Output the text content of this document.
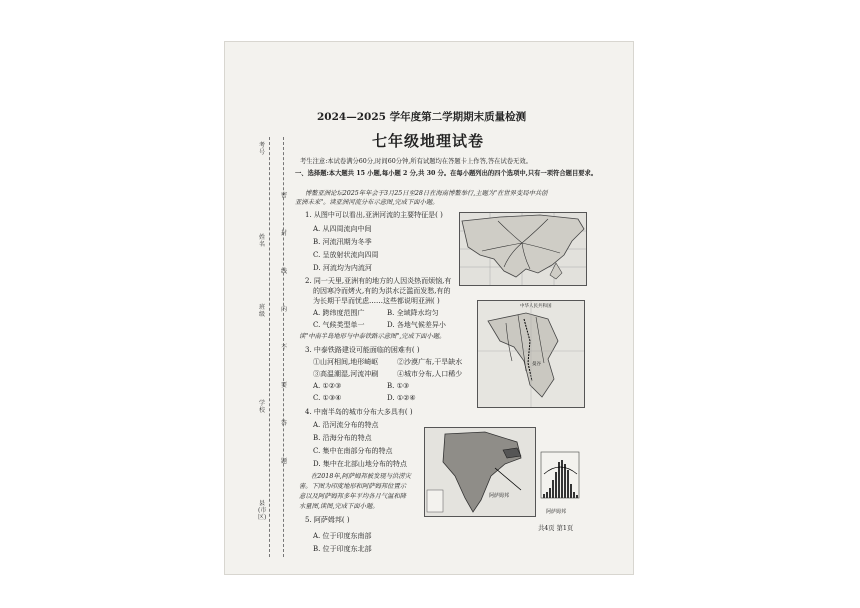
考号
姓名
班级
学校
县(市 区)
密
封
线
内
不
要
答
题
2024—2025 学年度第二学期期末质量检测
七年级地理试卷
考生注意:本试卷满分60分,时间60分钟,所有试题均在答题卡上作答,答在试卷无效。
一、选择题:本大题共 15 小题,每小题 2 分,共 30 分。在每小题列出的四个选项中,只有一项符合题目要求。
博鳌亚洲论坛2025年年会于3月25日至28日在海南博鳌举行,主题为"在世界变局中共创
亚洲未来"。读亚洲河流分布示意图,完成下面小题。
1. 从图中可以看出,亚洲河流的主要特征是( )
A. 从四周流向中间
B. 河流汛期为冬季
C. 呈放射状流向四周
D. 河流均为内流河
2. 同一天里,亚洲有的地方的人因炎热而烦恼,有
的因寒冷而烤火,有的为洪水泛滥而发愁,有的
为长期干旱而忧虑……这些都说明亚洲( )
A. 跨纬度范围广	B. 全域降水均匀
C. 气候类型单一	D. 各地气候差异小
读"中南半岛地形与中泰铁路示意图",完成下面小题。
3. 中泰铁路建设可能面临的困难有( )
①山河相间,地形崎岖	②沙漠广布,干旱缺水
③高温潮湿,河流冲刷	④城市分布,人口稀少
A. ①②③	B. ①③
C. ①③④	D. ①②④
4. 中南半岛的城市分布大多具有( )
A. 沿河流分布的特点
B. 沿海分布的特点
C. 集中在南部分布的特点
D. 集中在北部山地分布的特点
在2018年,阿萨姆邦被发现与洪涝灾
害。下图为印度地形和阿萨姆邦位置示
意以及阿萨姆邦多年平均各月气温和降
水量图,读图,完成下面小题。
5. 阿萨姆邦( )
A. 位于印度东南部
B. 位于印度东北部
中华人民共和国
曼谷
阿萨姆邦
阿萨姆邦
共4页 第1页
